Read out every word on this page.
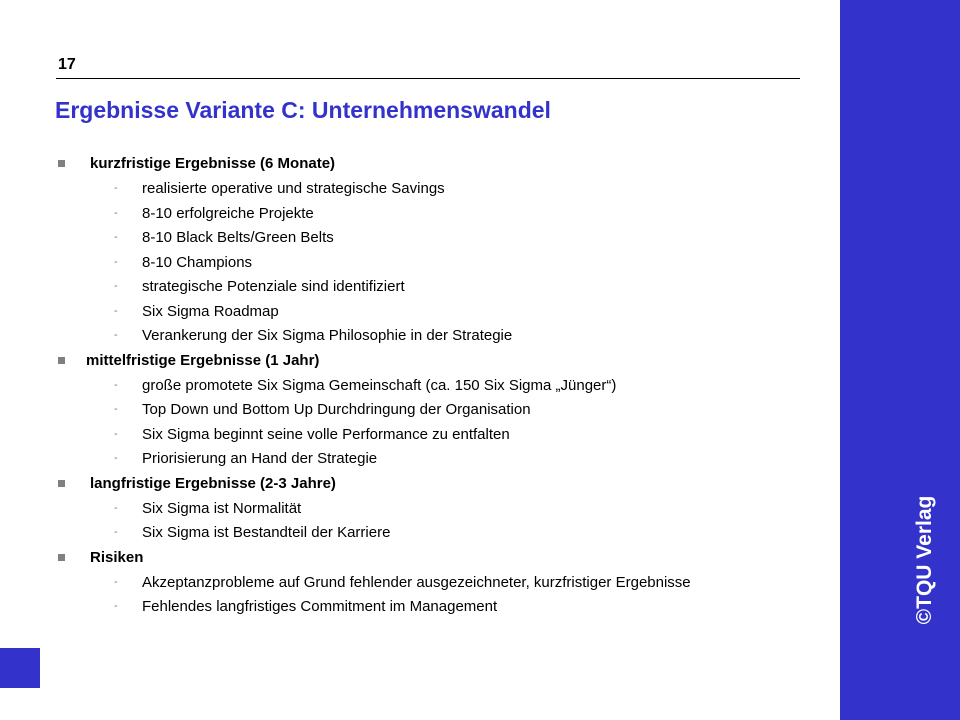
17
Ergebnisse Variante C: Unternehmenswandel
kurzfristige Ergebnisse (6 Monate)
- realisierte operative und strategische Savings
- 8-10 erfolgreiche Projekte
- 8-10 Black Belts/Green Belts
- 8-10 Champions
- strategische Potenziale sind identifiziert
- Six Sigma Roadmap
- Verankerung der Six Sigma Philosophie in der Strategie
mittelfristige Ergebnisse (1 Jahr)
- große promotete Six Sigma Gemeinschaft (ca. 150 Six Sigma „Jünger“)
- Top Down und Bottom Up Durchdringung der Organisation
- Six Sigma beginnt seine volle Performance zu entfalten
- Priorisierung an Hand der Strategie
langfristige Ergebnisse (2-3 Jahre)
- Six Sigma ist Normalität
- Six Sigma ist Bestandteil der Karriere
Risiken
- Akzeptanzprobleme auf Grund fehlender ausgezeichneter, kurzfristiger Ergebnisse
- Fehlendes langfristiges Commitment im Management	©TQU Verlag
